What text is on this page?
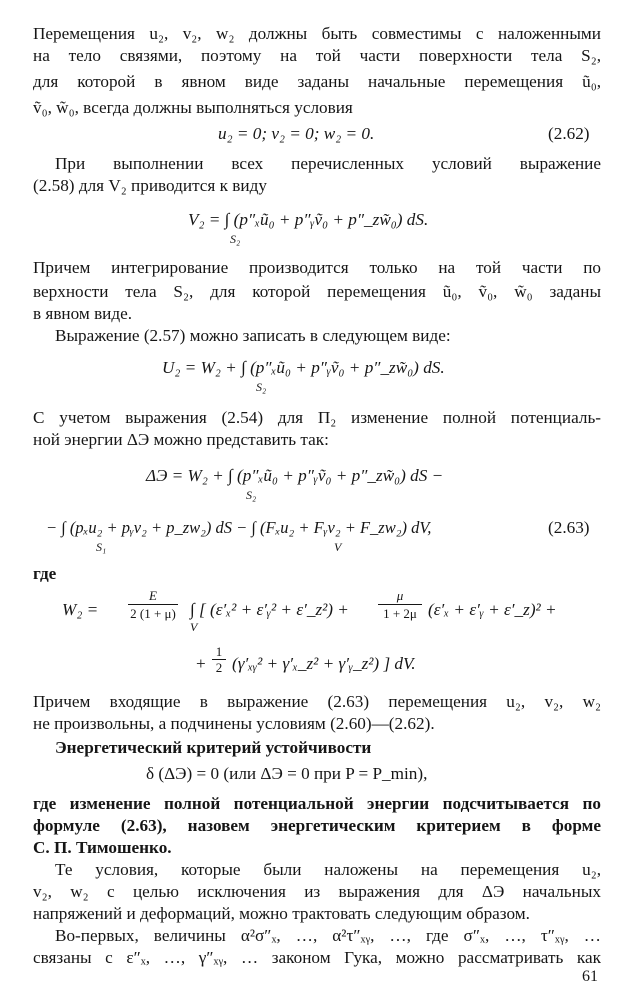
Перемещения u₂, v₂, w₂ должны быть совместимы с наложенными
на тело связями, поэтому на той части поверхности тела S₂,
для которой в явном виде заданы начальные перемещения ũ₀,
ṽ₀, w̃₀, всегда должны выполняться условия
u₂ = 0; v₂ = 0; w₂ = 0.	(2.62)
При выполнении всех перечисленных условий выражение
(2.58) для V₂ приводится к виду
V₂ = ∫ (p″ₓũ₀ + p″ᵧṽ₀ + p″_zw̃₀) dS.
S₂
Причем интегрирование производится только на той части по
верхности тела S₂, для которой перемещения ũ₀, ṽ₀, w̃₀ заданы
в явном виде.
Выражение (2.57) можно записать в следующем виде:
U₂ = W₂ + ∫ (p″ₓũ₀ + p″ᵧṽ₀ + p″_zw̃₀) dS.
S₂
С учетом выражения (2.54) для Π₂ изменение полной потенциаль-
ной энергии ΔЭ можно представить так:
ΔЭ = W₂ + ∫ (p″ₓũ₀ + p″ᵧṽ₀ + p″_zw̃₀) dS −
S₂
− ∫ (pₓu₂ + pᵧv₂ + p_zw₂) dS − ∫ (Fₓu₂ + Fᵧv₂ + F_zw₂) dV,
S₁	V
(2.63)
где
W₂ =
E
2 (1 + μ) ∫ [ (ε′ₓ² + ε′ᵧ² + ε′_z²) +
V
μ
1 + 2μ (ε′ₓ + ε′ᵧ + ε′_z)² +
+
1
2 (γ′ₓᵧ² + γ′ₓ_z² + γ′ᵧ_z²) ] dV.
Причем входящие в выражение (2.63) перемещения u₂, v₂, w₂
не произвольны, а подчинены условиям (2.60)—(2.62).
Энергетический критерий устойчивости
δ (ΔЭ) = 0 (или ΔЭ = 0 при P = P_min),
где изменение полной потенциальной энергии подсчитывается по
формуле (2.63), назовем энергетическим критерием в форме
С. П. Тимошенко.
Те условия, которые были наложены на перемещения u₂,
v₂, w₂ с целью исключения из выражения для ΔЭ начальных
напряжений и деформаций, можно трактовать следующим образом.
Во-первых, величины α²σ″ₓ, …, α²τ″ₓᵧ, …, где σ″ₓ, …, τ″ₓᵧ, …
связаны с ε″ₓ, …, γ″ₓᵧ, … законом Гука, можно рассматривать как
61
